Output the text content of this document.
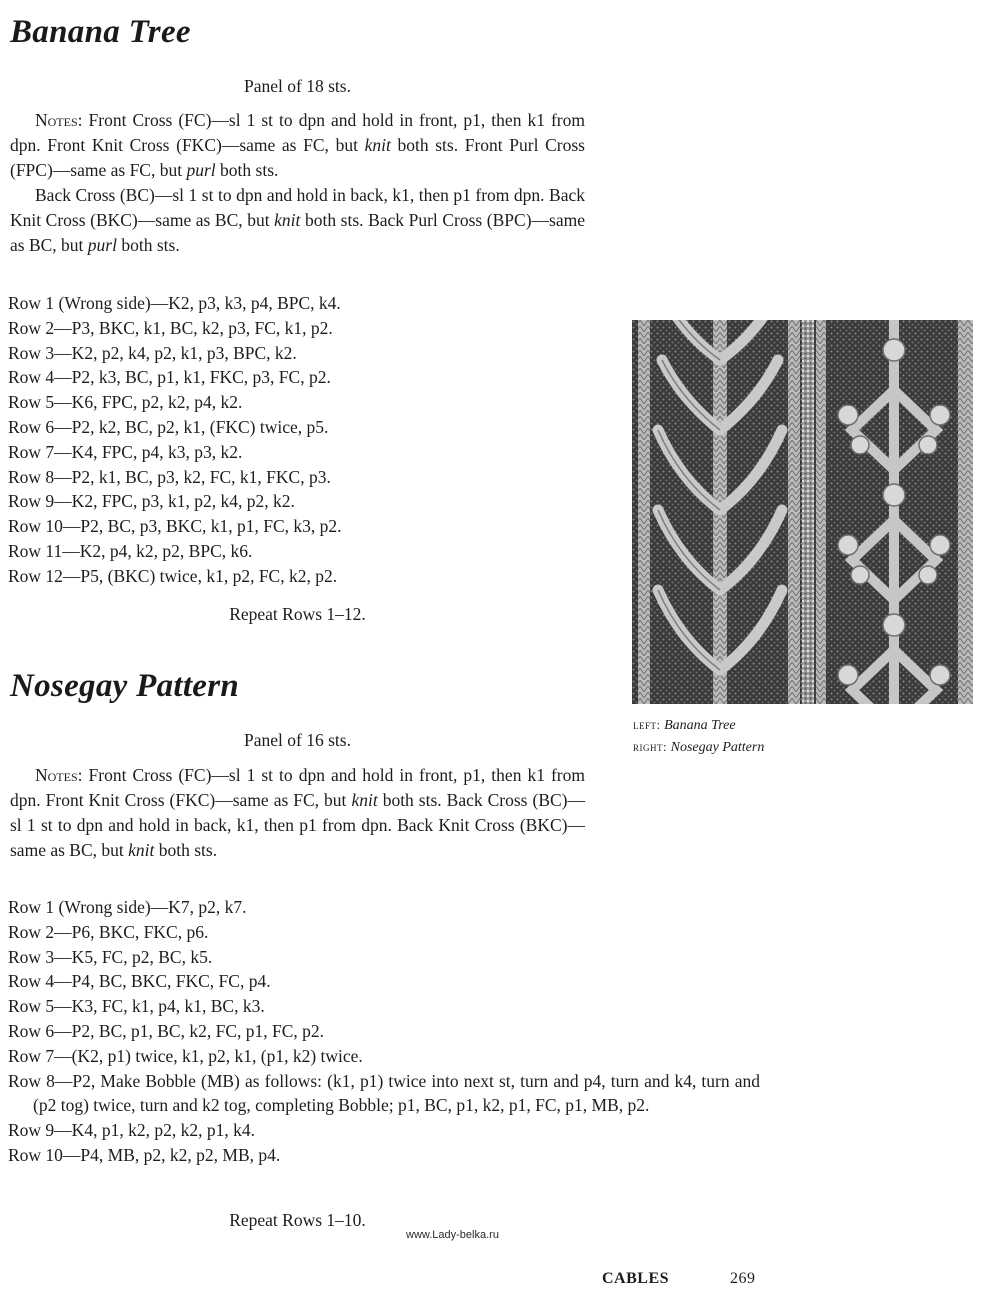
Banana Tree
Panel of 18 sts.

Notes: Front Cross (FC)—sl 1 st to dpn and hold in front, p1, then k1 from dpn. Front Knit Cross (FKC)—same as FC, but knit both sts. Front Purl Cross (FPC)—same as FC, but purl both sts.

Back Cross (BC)—sl 1 st to dpn and hold in back, k1, then p1 from dpn. Back Knit Cross (BKC)—same as BC, but knit both sts. Back Purl Cross (BPC)—same as BC, but purl both sts.

Row 1 (Wrong side)—K2, p3, k3, p4, BPC, k4.
Row 2—P3, BKC, k1, BC, k2, p3, FC, k1, p2.
Row 3—K2, p2, k4, p2, k1, p3, BPC, k2.
Row 4—P2, k3, BC, p1, k1, FKC, p3, FC, p2.
Row 5—K6, FPC, p2, k2, p4, k2.
Row 6—P2, k2, BC, p2, k1, (FKC) twice, p5.
Row 7—K4, FPC, p4, k3, p3, k2.
Row 8—P2, k1, BC, p3, k2, FC, k1, FKC, p3.
Row 9—K2, FPC, p3, k1, p2, k4, p2, k2.
Row 10—P2, BC, p3, BKC, k1, p1, FC, k3, p2.
Row 11—K2, p4, k2, p2, BPC, k6.
Row 12—P5, (BKC) twice, k1, p2, FC, k2, p2.
Repeat Rows 1–12.
left: Banana Tree
right: Nosegay Pattern
Nosegay Pattern
Panel of 16 sts.

Notes: Front Cross (FC)—sl 1 st to dpn and hold in front, p1, then k1 from dpn. Front Knit Cross (FKC)—same as FC, but knit both sts. Back Cross (BC)—sl 1 st to dpn and hold in back, k1, then p1 from dpn. Back Knit Cross (BKC)—same as BC, but knit both sts.

Row 1 (Wrong side)—K7, p2, k7.
Row 2—P6, BKC, FKC, p6.
Row 3—K5, FC, p2, BC, k5.
Row 4—P4, BC, BKC, FKC, FC, p4.
Row 5—K3, FC, k1, p4, k1, BC, k3.
Row 6—P2, BC, p1, BC, k2, FC, p1, FC, p2.
Row 7—(K2, p1) twice, k1, p2, k1, (p1, k2) twice.
Row 8—P2, Make Bobble (MB) as follows: (k1, p1) twice into next st, turn and p4, turn and k4, turn and (p2 tog) twice, turn and k2 tog, completing Bobble; p1, BC, p1, k2, p1, FC, p1, MB, p2.
Row 9—K4, p1, k2, p2, k2, p1, k4.
Row 10—P4, MB, p2, k2, p2, MB, p4.
Repeat Rows 1–10.
www.Lady-belka.ru
CABLES	269
